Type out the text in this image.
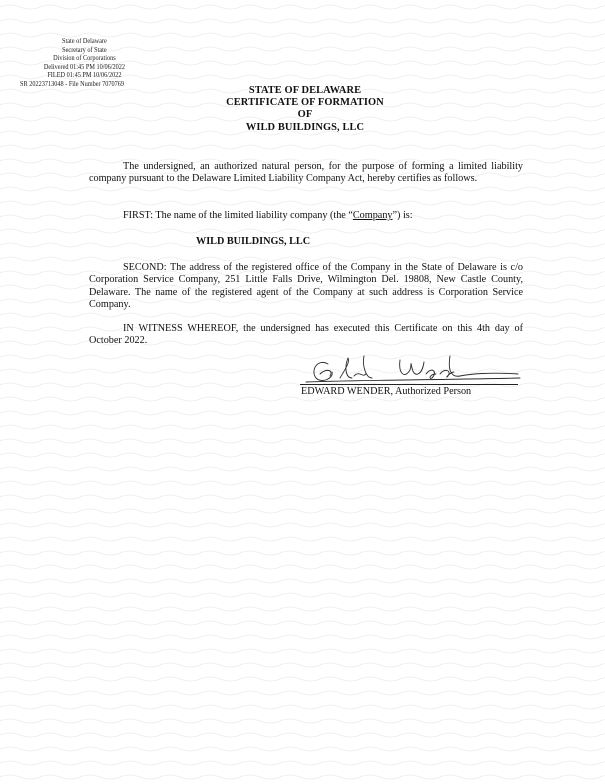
State of Delaware
Secretary of State
Division of Corporations
Delivered 01:45 PM 10/06/2022
FILED 01:45 PM 10/06/2022
SR 20223713048 - File Number 7070769
STATE OF DELAWARE
CERTIFICATE OF FORMATION
OF
WILD BUILDINGS, LLC
The undersigned, an authorized natural person, for the purpose of forming a limited liability company pursuant to the Delaware Limited Liability Company Act, hereby certifies as follows.
FIRST: The name of the limited liability company (the “Company”) is:
WILD BUILDINGS, LLC
SECOND: The address of the registered office of the Company in the State of Delaware is c/o Corporation Service Company, 251 Little Falls Drive, Wilmington Del. 19808, New Castle County, Delaware. The name of the registered agent of the Company at such address is Corporation Service Company.
IN WITNESS WHEREOF, the undersigned has executed this Certificate on this 4th day of October 2022.
EDWARD WENDER, Authorized Person
